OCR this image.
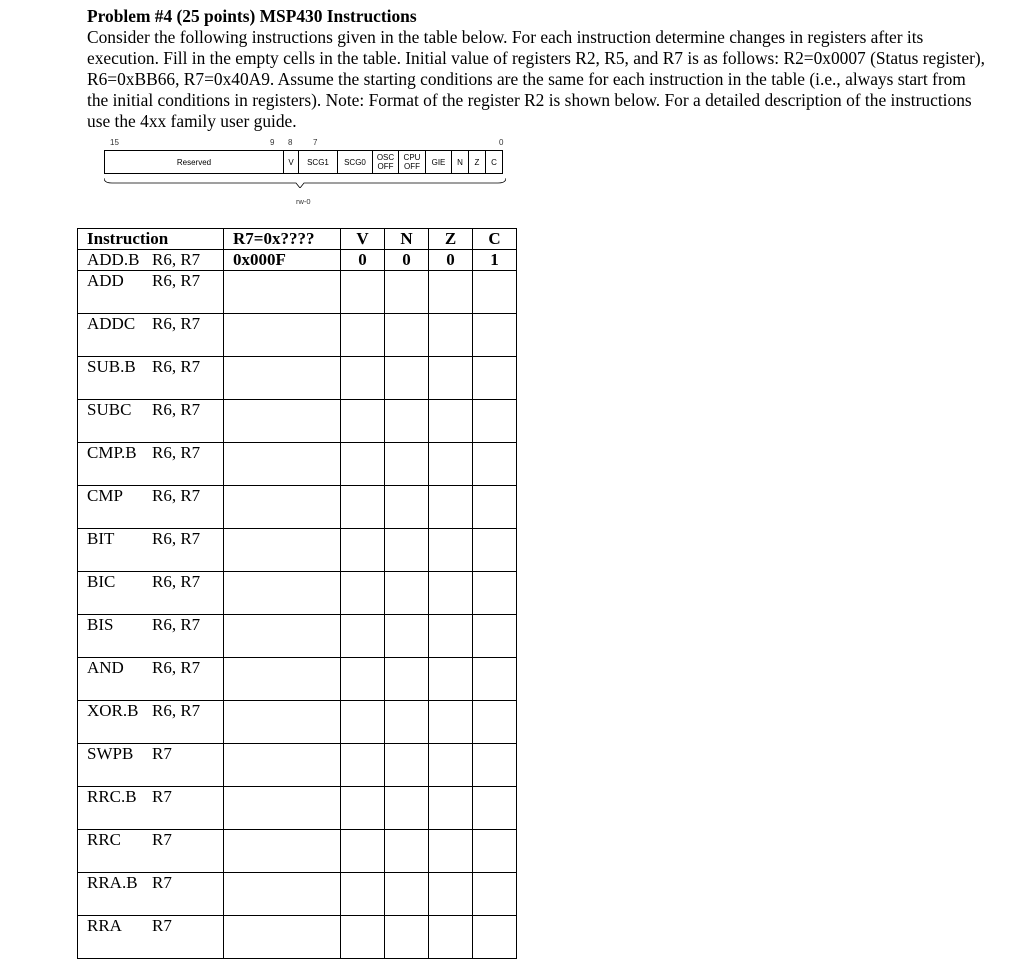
Problem #4 (25 points) MSP430 Instructions

Consider the following instructions given in the table below. For each instruction determine changes in registers after its execution. Fill in the empty cells in the table. Initial value of registers R2, R5, and R7 is as follows: R2=0x0007 (Status register), R6=0xBB66, R7=0x40A9. Assume the starting conditions are the same for each instruction in the table (i.e., always start from the initial conditions in registers). Note: Format of the register R2 is shown below. For a detailed description of the instructions use the 4xx family user guide.

15	9 8	7	0
Reserved	V	SCG1	SCG0	OSC OFF
CPU OFF	GIE	N	Z	C
rw-0
Instruction	R7=0x????	V	N	Z	C

ADD.B R6, R7	0x000F	0	0	0	1

ADD R6, R7					

ADDC R6, R7					

SUB.B R6, R7					

SUBC R6, R7					

CMP.B R6, R7					

CMP R6, R7					

BIT R6, R7					

BIC R6, R7					

BIS R6, R7					

AND R6, R7					

XOR.B R6, R7					

SWPB R7					

RRC.B R7					

RRC R7					

RRA.B R7					

RRA R7					
